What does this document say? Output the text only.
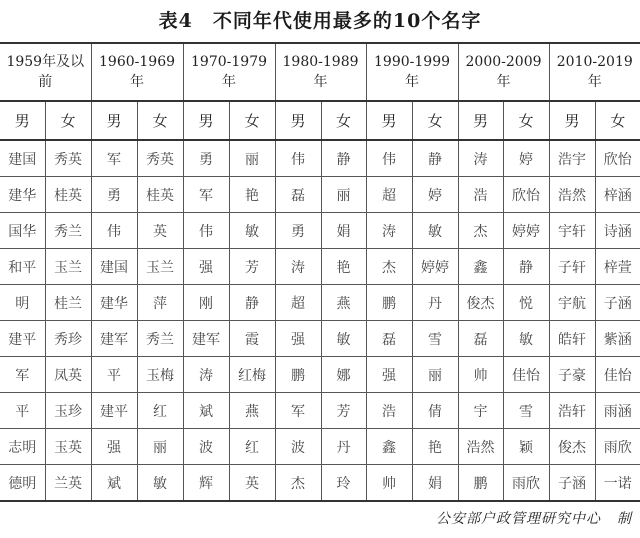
表4　不同年代使用最多的10个名字
1959年及以
前

1960-1969
年

1970-1979
年

1980-1989
年

1990-1999
年

2000-2009
年

2010-2019
年

男	女	男	女	男	女	男	女	男	女	男	女	男	女
建国	秀英	军	秀英	勇	丽	伟	静	伟	静	涛	婷	浩宇	欣怡
建华	桂英	勇	桂英	军	艳	磊	丽	超	婷	浩	欣怡	浩然	梓涵
国华	秀兰	伟	英	伟	敏	勇	娟	涛	敏	杰	婷婷	宇轩	诗涵
和平	玉兰	建国	玉兰	强	芳	涛	艳	杰	婷婷	鑫	静	子轩	梓萱
明	桂兰	建华	萍	刚	静	超	燕	鹏	丹	俊杰	悦	宇航	子涵
建平	秀珍	建军	秀兰	建军	霞	强	敏	磊	雪	磊	敏	皓轩	紫涵
军	凤英	平	玉梅	涛	红梅	鹏	娜	强	丽	帅	佳怡	子豪	佳怡
平	玉珍	建平	红	斌	燕	军	芳	浩	倩	宇	雪	浩轩	雨涵
志明	玉英	强	丽	波	红	波	丹	鑫	艳	浩然	颖	俊杰	雨欣
德明	兰英	斌	敏	辉	英	杰	玲	帅	娟	鹏	雨欣	子涵	一诺
公安部户政管理研究中心 制
